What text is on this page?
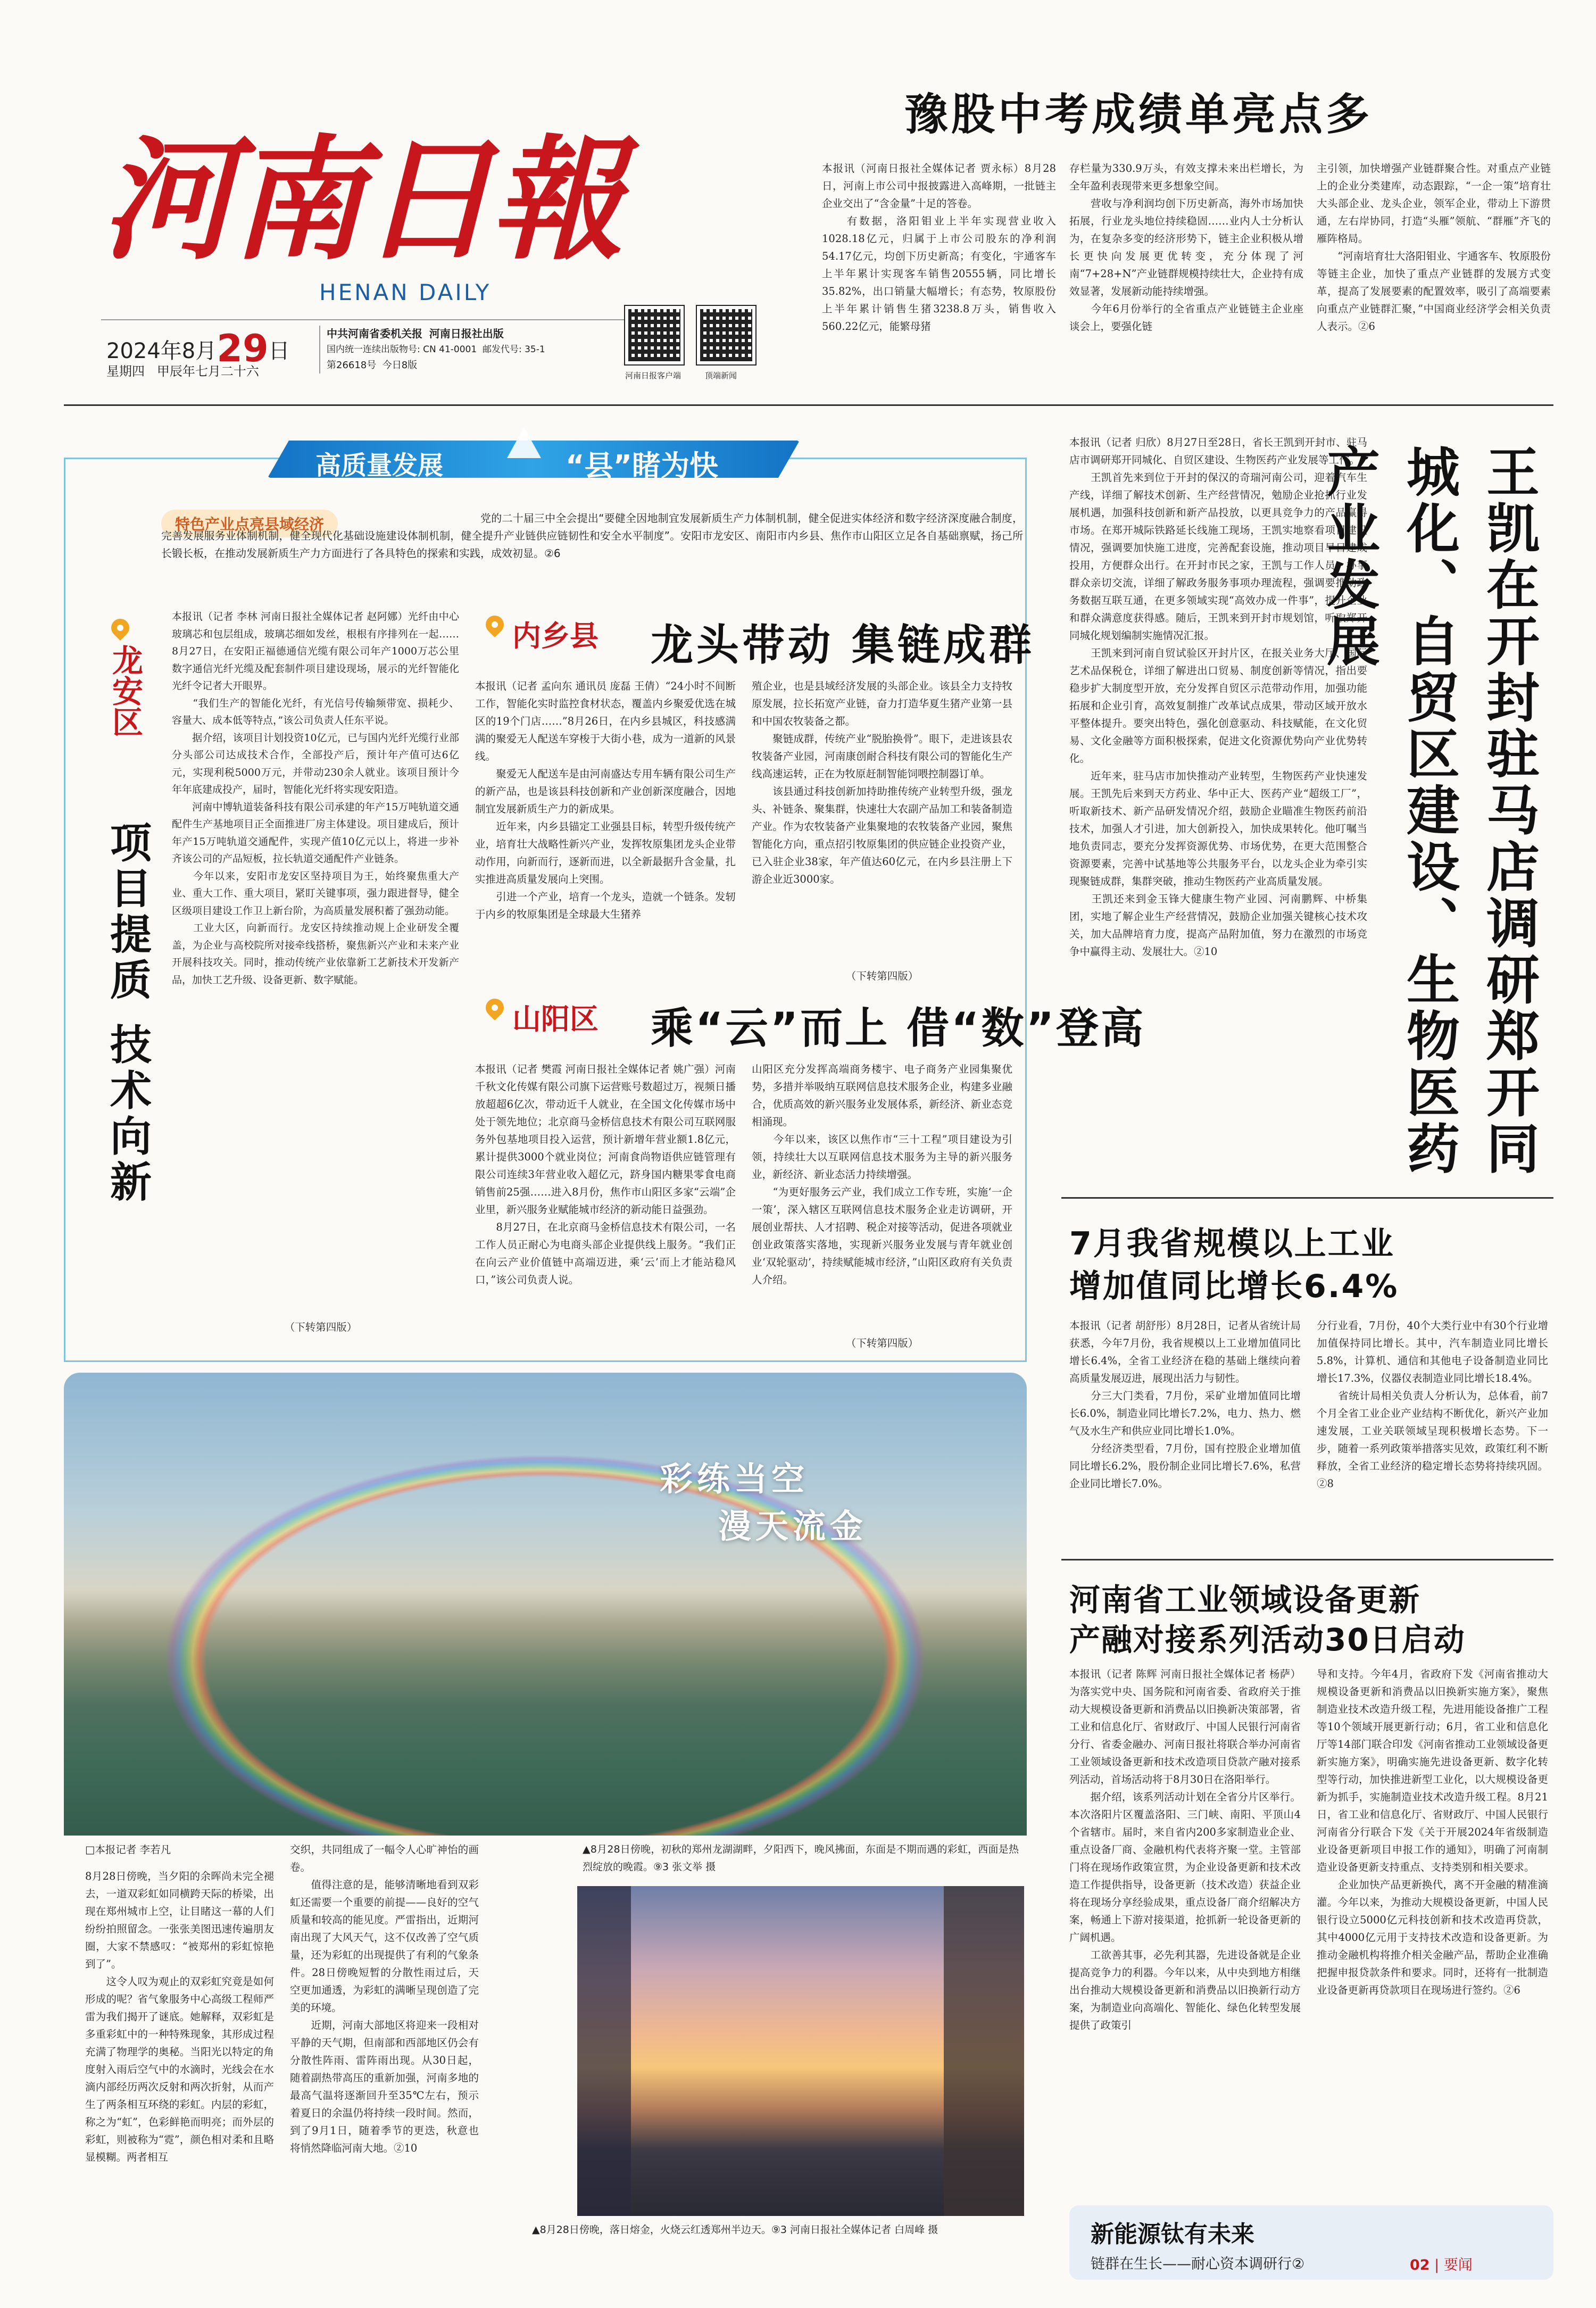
河南日報
HENAN DAILY
2024年8月29日
星期四 甲辰年七月二十六
中共河南省委机关报 河南日报社出版
国内统一连续出版物号: CN 41-0001 邮发代号: 35-1
第26618号 今日8版
河南日报客户端	顶端新闻
豫股中考成绩单亮点多
本报讯（河南日报社全媒体记者 贾永标）8月28日，河南上市公司中报披露进入高峰期，一批链主企业交出了“含金量”十足的答卷。
　　有数据，洛阳钼业上半年实现营业收入1028.18亿元，归属于上市公司股东的净利润54.17亿元，均创下历史新高；有变化，宇通客车上半年累计实现客车销售20555辆，同比增长35.82%，出口销量大幅增长；有态势，牧原股份上半年累计销售生猪3238.8万头，销售收入560.22亿元，能繁母猪
存栏量为330.9万头，有效支撑未来出栏增长，为全年盈利表现带来更多想象空间。
　　营收与净利润均创下历史新高，海外市场加快拓展，行业龙头地位持续稳固……业内人士分析认为，在复杂多变的经济形势下，链主企业积极从增长更快向发展更优转变，充分体现了河南“7+28+N”产业链群规模持续壮大，企业持有成效显著，发展新动能持续增强。
　　今年6月份举行的全省重点产业链链主企业座谈会上，要强化链
主引领，加快增强产业链群聚合性。对重点产业链上的企业分类建库，动态跟踪，“一企一策”培育壮大头部企业、龙头企业，领军企业，带动上下游贯通，左右岸协同，打造“头雁”领航、“群雁”齐飞的雁阵格局。
　　“河南培育壮大洛阳钼业、宇通客车、牧原股份等链主企业，加快了重点产业链群的发展方式变革，提高了发展要素的配置效率，吸引了高端要素向重点产业链群汇聚，”中国商业经济学会相关负责人表示。②6
高质量发展	“县”睹为快
特色产业点亮县域经济	党的二十届三中全会提出“要健全因地制宜发展新质生产力体制机制，健全促进实体经济和数字经济深度融合制度，完善发展服务业体制机制，健全现代化基础设施建设体制机制，健全提升产业链供应链韧性和安全水平制度”。安阳市龙安区、南阳市内乡县、焦作市山阳区立足各自基础禀赋，扬己所长锻长板，在推动发展新质生产力方面进行了各具特色的探索和实践，成效初显。②6
龙安区
项目提质 技术向新
本报讯（记者 李林 河南日报社全媒体记者 赵阿娜）光纤由中心玻璃芯和包层组成，玻璃芯细如发丝，根根有序排列在一起……8月27日，在安阳正福德通信光缆有限公司年产1000万芯公里数字通信光纤光缆及配套制件项目建设现场，展示的光纤智能化光纤令记者大开眼界。
　　“我们生产的智能化光纤，有光信号传输频带宽、损耗少、容量大、成本低等特点，”该公司负责人任东平说。
　　据介绍，该项目计划投资10亿元，已与国内光纤光缆行业部分头部公司达成技术合作，全部投产后，预计年产值可达6亿元，实现利税5000万元，并带动230余人就业。该项目预计今年年底建成投产，届时，智能化光纤将实现安阳造。
　　河南中博轨道装备科技有限公司承建的年产15万吨轨道交通配件生产基地项目正全面推进厂房主体建设。项目建成后，预计年产15万吨轨道交通配件，实现产值10亿元以上，将进一步补齐该公司的产品短板，拉长轨道交通配件产业链条。
　　今年以来，安阳市龙安区坚持项目为王，始终聚焦重大产业、重大工作、重大项目，紧盯关键事项，强力跟进督导，健全区级项目建设工作卫上新台阶，为高质量发展积蓄了强劲动能。
　　工业大区，向新而行。龙安区持续推动规上企业研发全覆盖，为企业与高校院所对接牵线搭桥，聚焦新兴产业和未来产业开展科技攻关。同时，推动传统产业依靠新工艺新技术开发新产品，加快工艺升级、设备更新、数字赋能。
（下转第四版）
内乡县 龙头带动 集链成群
本报讯（记者 孟向东 通讯员 庞磊 王倩）“24小时不间断工作，智能化实时监控食材状态，覆盖内乡聚爱优选在城区的19个门店……”8月26日，在内乡县城区，科技感满满的聚爱无人配送车穿梭于大街小巷，成为一道新的风景线。
　　聚爱无人配送车是由河南盛达专用车辆有限公司生产的新产品，也是该县科技创新和产业创新深度融合，因地制宜发展新质生产力的新成果。
　　近年来，内乡县锚定工业强县目标，转型升级传统产业，培育壮大战略性新兴产业，发挥牧原集团龙头企业带动作用，向新而行，逐新而进，以全新最据升含金量，扎实推进高质量发展向上突围。
　　引进一个产业，培育一个龙头，造就一个链条。发轫于内乡的牧原集团是全球最大生猪养
殖企业，也是县域经济发展的头部企业。该县全力支持牧原发展，拉长拓宽产业链，奋力打造华夏生猪产业第一县和中国农牧装备之都。
　　聚链成群，传统产业“脱胎换骨”。眼下，走进该县农牧装备产业园，河南康创耐合科技有限公司的智能化生产线高速运转，正在为牧原赶制智能饲喂控制器订单。
　　该县通过科技创新加持助推传统产业转型升级，强龙头、补链条、聚集群，快速壮大农副产品加工和装备制造产业。作为农牧装备产业集聚地的农牧装备产业园，聚焦智能化方向，重点招引牧原集团的供应链企业投资产业，已入驻企业38家，年产值达60亿元，在内乡县注册上下游企业近3000家。
（下转第四版）
山阳区 乘“云”而上 借“数”登高
本报讯（记者 樊霞 河南日报社全媒体记者 姚广强）河南千秋文化传媒有限公司旗下运营账号数超过万，视频日播放超超6亿次，带动近千人就业，在全国文化传媒市场中处于领先地位；北京商马金桥信息技术有限公司互联网服务外包基地项目投入运营，预计新增年营业额1.8亿元，累计提供3000个就业岗位；河南食尚物语供应链管理有限公司连续3年营业收入超亿元，跻身国内糖果零食电商销售前25强……进入8月份，焦作市山阳区多家“云端”企业里，新兴服务业赋能城市经济的新动能日益强劲。
　　8月27日，在北京商马金桥信息技术有限公司，一名工作人员正耐心为电商头部企业提供线上服务。“我们正在向云产业价值链中高端迈进，乘‘云’而上才能站稳风口，”该公司负责人说。
山阳区充分发挥高端商务楼宇、电子商务产业园集聚优势，多措并举吸纳互联网信息技术服务企业，构建多业融合，优质高效的新兴服务业发展体系，新经济、新业态竞相涌现。
　　今年以来，该区以焦作市“三十工程”项目建设为引领，持续壮大以互联网信息技术服务为主导的新兴服务业，新经济、新业态活力持续增强。
　　“为更好服务云产业，我们成立工作专班，实施‘一企一策’，深入辖区互联网信息技术服务企业走访调研，开展创业帮扶、人才招聘、税企对接等活动，促进各项就业创业政策落实落地，实现新兴服务业发展与青年就业创业‘双轮驱动’，持续赋能城市经济，”山阳区政府有关负责人介绍。
（下转第四版）
本报讯（记者 归欣）8月27日至28日，省长王凯到开封市、驻马店市调研郑开同城化、自贸区建设、生物医药产业发展等工作。
　　王凯首先来到位于开封的保汉的奇瑞河南公司，迎着汽车生产线，详细了解技术创新、生产经营情况，勉励企业抢抓行业发展机遇，加强科技创新和新产品投放，以更具竞争力的产品赢得市场。在郑开城际铁路延长线施工现场，王凯实地察看项目建设情况，强调要加快施工进度，完善配套设施，推动项目早日建成投用，方便群众出行。在开封市民之家，王凯与工作人员、办事群众亲切交流，详细了解政务服务事项办理流程，强调要推动政务数据互联互通，在更多领域实现“高效办成一件事”，提升企业和群众满意度获得感。随后，王凯来到开封市规划馆，听取郑开同城化规划编制实施情况汇报。
　　王凯来到河南自贸试验区开封片区，在报关业务大厅、国际艺术品保税仓，详细了解进出口贸易、制度创新等情况，指出要稳步扩大制度型开放，充分发挥自贸区示范带动作用，加强功能拓展和企业引育，高效复制推广改革试点成果，带动区域开放水平整体提升。要突出特色，强化创意驱动、科技赋能，在文化贸易、文化金融等方面积极探索，促进文化资源优势向产业优势转化。
　　近年来，驻马店市加快推动产业转型，生物医药产业快速发展。王凯先后来到天方药业、华中正大、医药产业“超级工厂”，听取新技术、新产品研发情况介绍，鼓励企业瞄准生物医药前沿技术，加强人才引进，加大创新投入，加快成果转化。他叮嘱当地负责同志，要充分发挥资源优势、市场优势，在更大范围整合资源要素，完善中试基地等公共服务平台，以龙头企业为牵引实现聚链成群，集群突破，推动生物医药产业高质量发展。
　　王凯还来到金玉锋大健康生物产业园、河南鹏辉、中桥集团，实地了解企业生产经营情况，鼓励企业加强关键核心技术攻关，加大品牌培育力度，提高产品附加值，努力在激烈的市场竞争中赢得主动、发展壮大。②10	王凯在开封驻马店调研郑开同城化、自贸区建设、生物医药产业发展
7月我省规模以上工业
增加值同比增长6.4%
本报讯（记者 胡舒彤）8月28日，记者从省统计局获悉，今年7月份，我省规模以上工业增加值同比增长6.4%，全省工业经济在稳的基础上继续向着高质量发展迈进，展现出活力与韧性。
　　分三大门类看，7月份，采矿业增加值同比增长6.0%，制造业同比增长7.2%，电力、热力、燃气及水生产和供应业同比增长1.0%。
　　分经济类型看，7月份，国有控股企业增加值同比增长6.2%，股份制企业同比增长7.6%，私营企业同比增长7.0%。
分行业看，7月份，40个大类行业中有30个行业增加值保持同比增长。其中，汽车制造业同比增长5.8%，计算机、通信和其他电子设备制造业同比增长17.3%，仪器仪表制造业同比增长18.4%。
　　省统计局相关负责人分析认为，总体看，前7个月全省工业企业产业结构不断优化，新兴产业加速发展，工业关联领域呈现积极增长态势。下一步，随着一系列政策举措落实见效，政策红利不断释放，全省工业经济的稳定增长态势将持续巩固。②8
河南省工业领域设备更新
产融对接系列活动30日启动
本报讯（记者 陈辉 河南日报社全媒体记者 杨萨）为落实党中央、国务院和河南省委、省政府关于推动大规模设备更新和消费品以旧换新决策部署，省工业和信息化厅、省财政厅、中国人民银行河南省分行、省委金融办、河南日报社将联合举办河南省工业领域设备更新和技术改造项目贷款产融对接系列活动，首场活动将于8月30日在洛阳举行。
　　据介绍，该系列活动计划在全省分片区举行。本次洛阳片区覆盖洛阳、三门峡、南阳、平顶山4个省辖市。届时，来自省内200多家制造业企业、重点设备厂商、金融机构代表将齐聚一堂。主管部门将在现场作政策宣贯，为企业设备更新和技术改造工作提供指导，设备更新（技术改造）获益企业将在现场分享经验成果，重点设备厂商介绍解决方案，畅通上下游对接渠道，抢抓新一轮设备更新的广阔机遇。
　　工欲善其事，必先利其器，先进设备就是企业提高竞争力的利器。今年以来，从中央到地方相继出台推动大规模设备更新和消费品以旧换新行动方案，为制造业向高端化、智能化、绿色化转型发展提供了政策引
导和支持。今年4月，省政府下发《河南省推动大规模设备更新和消费品以旧换新实施方案》，聚焦制造业技术改造升级工程，先进用能设备推广工程等10个领域开展更新行动；6月，省工业和信息化厅等14部门联合印发《河南省推动工业领域设备更新实施方案》，明确实施先进设备更新、数字化转型等行动，加快推进新型工业化，以大规模设备更新为抓手，实施制造业技术改造升级工程。8月21日，省工业和信息化厅、省财政厅、中国人民银行河南省分行联合下发《关于开展2024年省级制造业设备更新项目申报工作的通知》，明确了河南制造业设备更新支持重点、支持类别和相关要求。
　　企业加快产品更新换代，离不开金融的精准滴灌。今年以来，为推动大规模设备更新，中国人民银行设立5000亿元科技创新和技术改造再贷款，其中4000亿元用于支持技术改造和设备更新。为推动金融机构将推介相关金融产品，帮助企业准确把握申报贷款条件和要求。同时，还将有一批制造业设备更新再贷款项目在现场进行签约。②6
彩练当空
漫天流金
□本报记者 李若凡
8月28日傍晚，当夕阳的余晖尚未完全褪去，一道双彩虹如同横跨天际的桥梁，出现在郑州城市上空，让目睹这一幕的人们纷纷拍照留念。一张张美图迅速传遍朋友圈，大家不禁感叹：“被郑州的彩虹惊艳到了”。
　　这令人叹为观止的双彩虹究竟是如何形成的呢？省气象服务中心高级工程师严雷为我们揭开了谜底。她解释，双彩虹是多重彩虹中的一种特殊现象，其形成过程充满了物理学的奥秘。当阳光以特定的角度射入雨后空气中的水滴时，光线会在水滴内部经历两次反射和两次折射，从而产生了两条相互环绕的彩虹。内层的彩虹，称之为“虹”，色彩鲜艳而明亮；而外层的彩虹，则被称为“霓”，颜色相对柔和且略显模糊。两者相互
交织，共同组成了一幅令人心旷神怡的画卷。
　　值得注意的是，能够清晰地看到双彩虹还需要一个重要的前提——良好的空气质量和较高的能见度。严雷指出，近期河南出现了大风天气，这不仅改善了空气质量，还为彩虹的出现提供了有利的气象条件。28日傍晚短暂的分散性雨过后，天空更加通透，为彩虹的满晰呈现创造了完美的环境。
　　近期，河南大部地区将迎来一段相对平静的天气期，但南部和西部地区仍会有分散性阵雨、雷阵雨出现。从30日起，随着副热带高压的重新加强，河南多地的最高气温将逐渐回升至35℃左右，预示着夏日的余温仍将持续一段时间。然而，到了9月1日，随着季节的更迭，秋意也将悄然降临河南大地。②10
▲8月28日傍晚，初秋的郑州龙湖湖畔，夕阳西下，晚风拂面，东面是不期而遇的彩虹，西面是热烈绽放的晚霞。⑨3 张文举 摄
▲8月28日傍晚，落日熔金，火烧云红透郑州半边天。⑨3 河南日报社全媒体记者 白周峰 摄	新能源钛有未来
链群在生长——耐心资本调研行②	02 | 要闻
